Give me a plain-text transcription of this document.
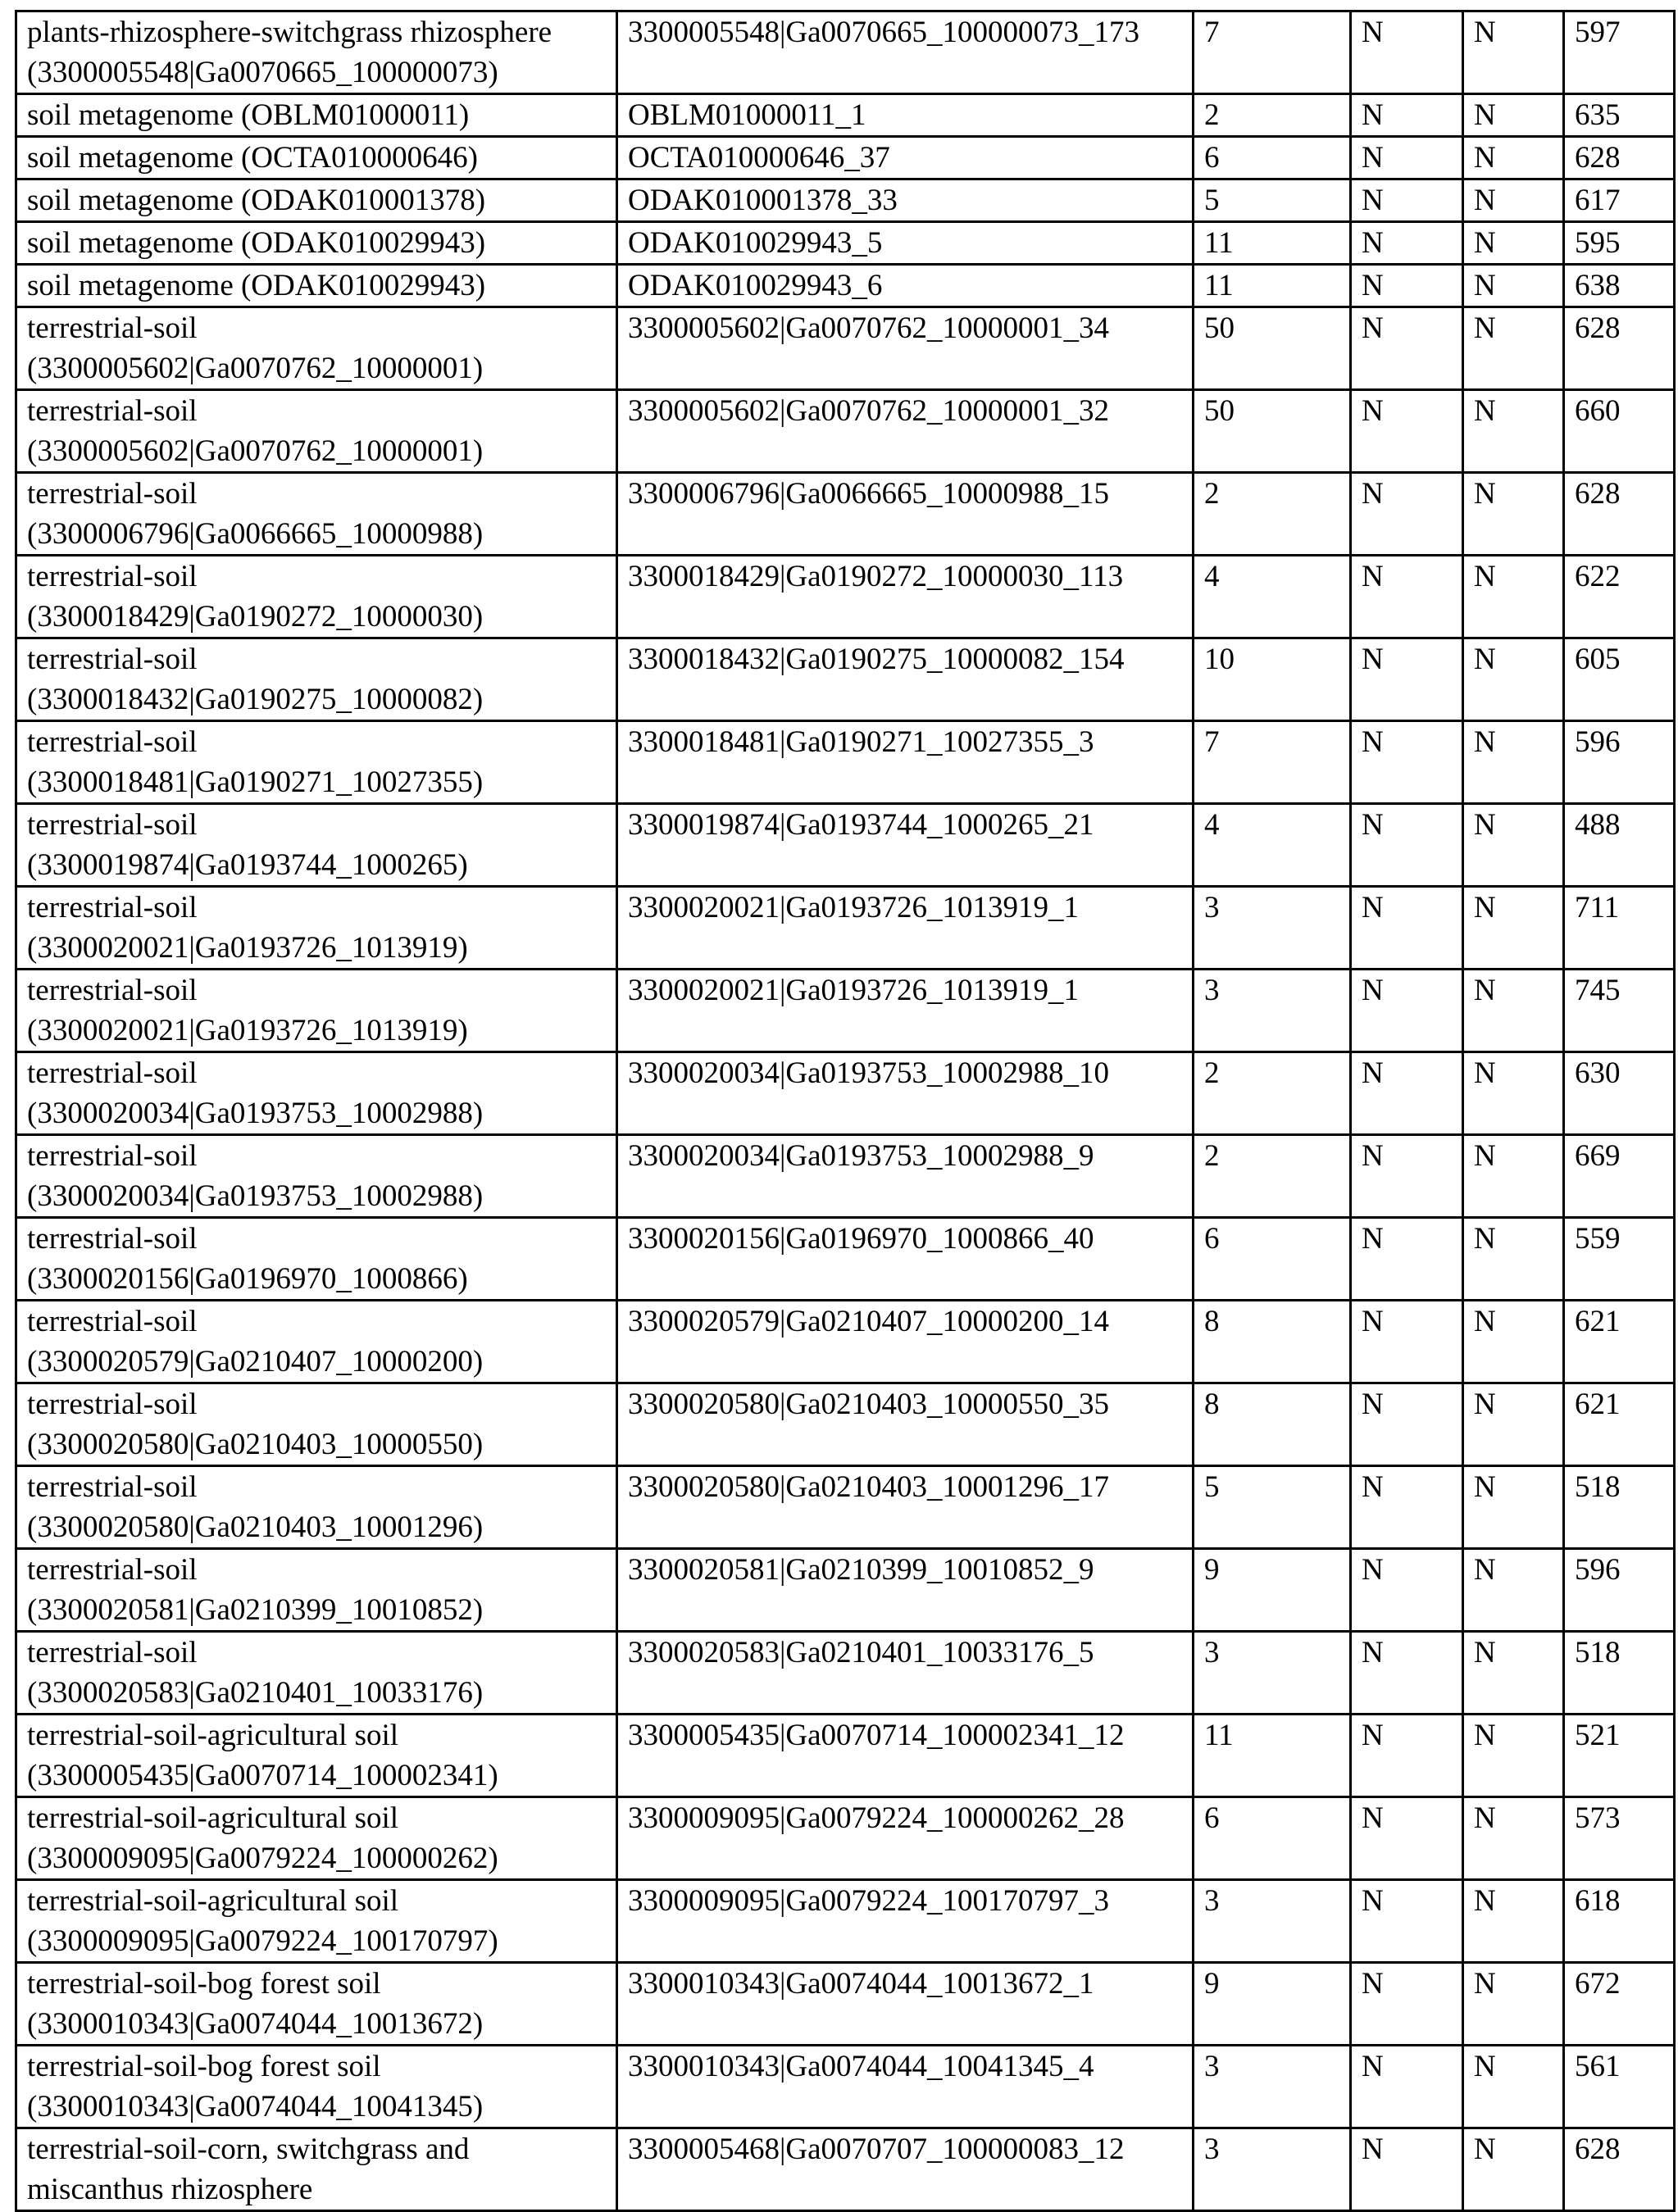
plants-rhizosphere-switchgrass rhizosphere (3300005548|Ga0070665_100000073)	3300005548|Ga0070665_100000073_173	7	N	N	597
soil metagenome (OBLM01000011)	OBLM01000011_1	2	N	N	635
soil metagenome (OCTA010000646)	OCTA010000646_37	6	N	N	628
soil metagenome (ODAK010001378)	ODAK010001378_33	5	N	N	617
soil metagenome (ODAK010029943)	ODAK010029943_5	11	N	N	595
soil metagenome (ODAK010029943)	ODAK010029943_6	11	N	N	638
terrestrial-soil (3300005602|Ga0070762_10000001)	3300005602|Ga0070762_10000001_34	50	N	N	628
terrestrial-soil (3300005602|Ga0070762_10000001)	3300005602|Ga0070762_10000001_32	50	N	N	660
terrestrial-soil (3300006796|Ga0066665_10000988)	3300006796|Ga0066665_10000988_15	2	N	N	628
terrestrial-soil (3300018429|Ga0190272_10000030)	3300018429|Ga0190272_10000030_113	4	N	N	622
terrestrial-soil (3300018432|Ga0190275_10000082)	3300018432|Ga0190275_10000082_154	10	N	N	605
terrestrial-soil (3300018481|Ga0190271_10027355)	3300018481|Ga0190271_10027355_3	7	N	N	596
terrestrial-soil (3300019874|Ga0193744_1000265)	3300019874|Ga0193744_1000265_21	4	N	N	488
terrestrial-soil (3300020021|Ga0193726_1013919)	3300020021|Ga0193726_1013919_1	3	N	N	711
terrestrial-soil (3300020021|Ga0193726_1013919)	3300020021|Ga0193726_1013919_1	3	N	N	745
terrestrial-soil (3300020034|Ga0193753_10002988)	3300020034|Ga0193753_10002988_10	2	N	N	630
terrestrial-soil (3300020034|Ga0193753_10002988)	3300020034|Ga0193753_10002988_9	2	N	N	669
terrestrial-soil (3300020156|Ga0196970_1000866)	3300020156|Ga0196970_1000866_40	6	N	N	559
terrestrial-soil (3300020579|Ga0210407_10000200)	3300020579|Ga0210407_10000200_14	8	N	N	621
terrestrial-soil (3300020580|Ga0210403_10000550)	3300020580|Ga0210403_10000550_35	8	N	N	621
terrestrial-soil (3300020580|Ga0210403_10001296)	3300020580|Ga0210403_10001296_17	5	N	N	518
terrestrial-soil (3300020581|Ga0210399_10010852)	3300020581|Ga0210399_10010852_9	9	N	N	596
terrestrial-soil (3300020583|Ga0210401_10033176)	3300020583|Ga0210401_10033176_5	3	N	N	518
terrestrial-soil-agricultural soil (3300005435|Ga0070714_100002341)	3300005435|Ga0070714_100002341_12	11	N	N	521
terrestrial-soil-agricultural soil (3300009095|Ga0079224_100000262)	3300009095|Ga0079224_100000262_28	6	N	N	573
terrestrial-soil-agricultural soil (3300009095|Ga0079224_100170797)	3300009095|Ga0079224_100170797_3	3	N	N	618
terrestrial-soil-bog forest soil (3300010343|Ga0074044_10013672)	3300010343|Ga0074044_10013672_1	9	N	N	672
terrestrial-soil-bog forest soil (3300010343|Ga0074044_10041345)	3300010343|Ga0074044_10041345_4	3	N	N	561
terrestrial-soil-corn, switchgrass and miscanthus rhizosphere	3300005468|Ga0070707_100000083_12	3	N	N	628
